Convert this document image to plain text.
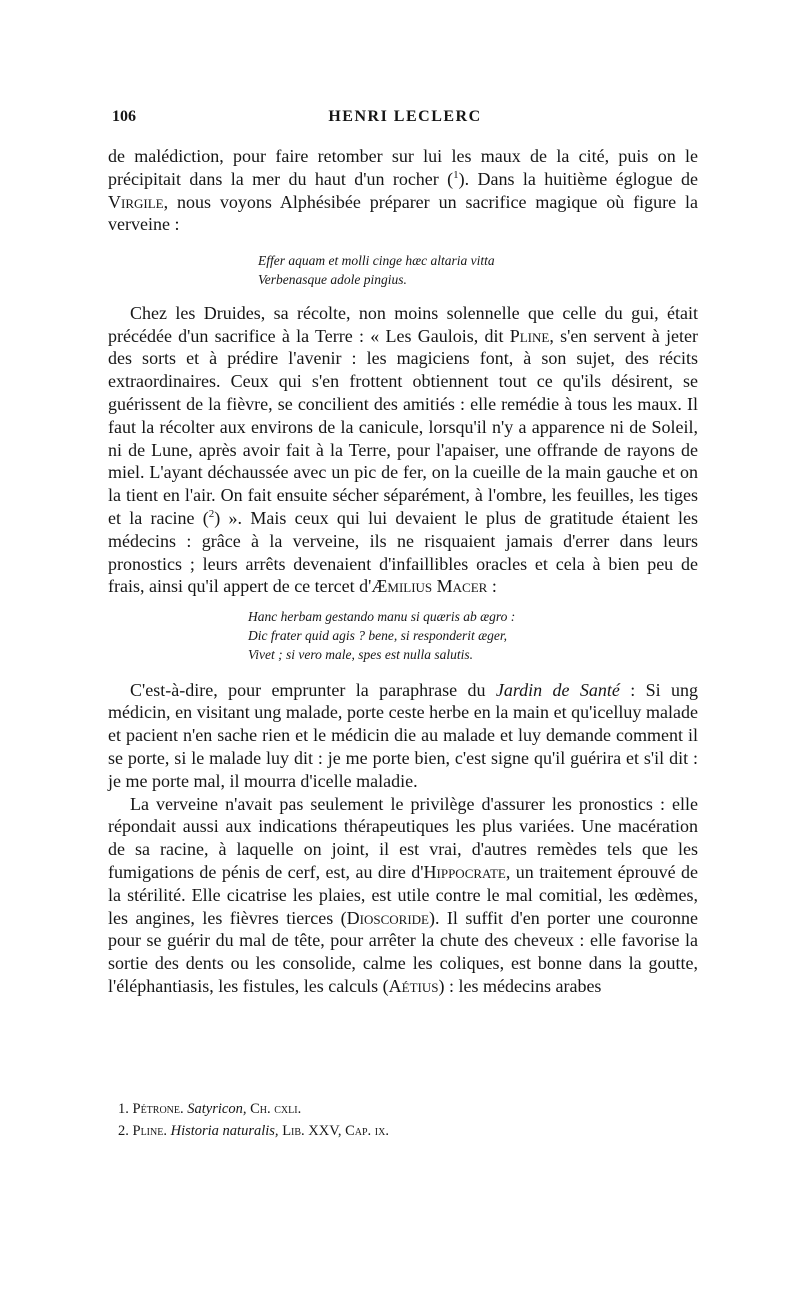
106	HENRI LECLERC

de malédiction, pour faire retomber sur lui les maux de la cité, puis on le précipitait dans la mer du haut d'un rocher ($^1$). Dans la huitième églogue de Virgile, nous voyons Alphésibée préparer un sacrifice magique où figure la verveine :

Effer aquam et molli cinge hæc altaria vitta
Verbenasque adole pingius.

Chez les Druides, sa récolte, non moins solennelle que celle du gui, était précédée d'un sacrifice à la Terre : « Les Gaulois, dit Pline, s'en servent à jeter des sorts et à prédire l'avenir : les magiciens font, à son sujet, des récits extraordinaires. Ceux qui s'en frottent obtiennent tout ce qu'ils désirent, se guérissent de la fièvre, se concilient des amitiés : elle remédie à tous les maux. Il faut la récolter aux environs de la canicule, lorsqu'il n'y a apparence ni de Soleil, ni de Lune, après avoir fait à la Terre, pour l'apaiser, une offrande de rayons de miel. L'ayant déchaussée avec un pic de fer, on la cueille de la main gauche et on la tient en l'air. On fait ensuite sécher séparément, à l'ombre, les feuilles, les tiges et la racine ($^2$) ». Mais ceux qui lui devaient le plus de gratitude étaient les médecins : grâce à la verveine, ils ne risquaient jamais d'errer dans leurs pronostics ; leurs arrêts devenaient d'infaillibles oracles et cela à bien peu de frais, ainsi qu'il appert de ce tercet d'Æmilius Macer :

Hanc herbam gestando manu si quæris ab ægro :
Dic frater quid agis ? bene, si responderit æger,
Vivet ; si vero male, spes est nulla salutis.

C'est-à-dire, pour emprunter la paraphrase du Jardin de Santé : Si ung médicin, en visitant ung malade, porte ceste herbe en la main et qu'icelluy malade et pacient n'en sache rien et le médicin die au malade et luy demande comment il se porte, si le malade luy dit : je me porte bien, c'est signe qu'il guérira et s'il dit : je me porte mal, il mourra d'icelle maladie.

La verveine n'avait pas seulement le privilège d'assurer les pronostics : elle répondait aussi aux indications thérapeutiques les plus variées. Une macération de sa racine, à laquelle on joint, il est vrai, d'autres remèdes tels que les fumigations de pénis de cerf, est, au dire d'Hippocrate, un traitement éprouvé de la stérilité. Elle cicatrise les plaies, est utile contre le mal comitial, les œdèmes, les angines, les fièvres tierces (Dioscoride). Il suffit d'en porter une couronne pour se guérir du mal de tête, pour arrêter la chute des cheveux : elle favorise la sortie des dents ou les consolide, calme les coliques, est bonne dans la goutte, l'éléphantiasis, les fistules, les calculs (Aétius) : les médecins arabes

1. Pétrone. Satyricon, Ch. cxli.
2. Pline. Historia naturalis, Lib. XXV, Cap. ix.
